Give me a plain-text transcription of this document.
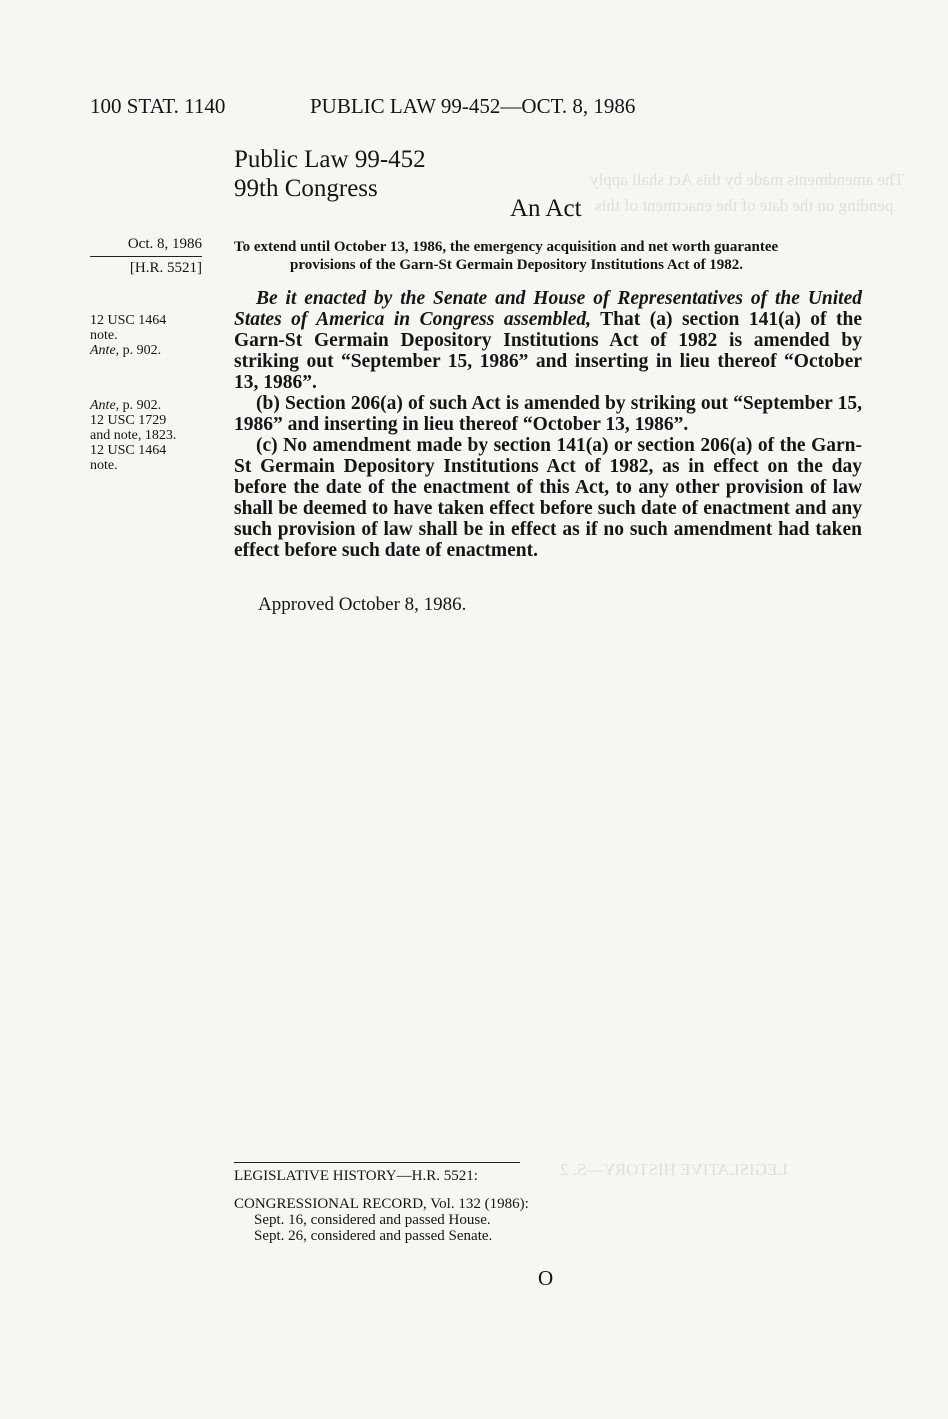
The amendments made by this Act shall apply
pending on the date of the enactment of this
LEGISLATIVE HISTORY—S. 2
100 STAT. 1140	PUBLIC LAW 99-452—OCT. 8, 1986
Public Law 99-452
99th Congress
An Act
Oct. 8, 1986
[H.R. 5521]
12 USC 1464
note.
Ante, p. 902.
Ante, p. 902.
12 USC 1729
and note, 1823.
12 USC 1464
note.
To extend until October 13, 1986, the emergency acquisition and net worth guarantee
provisions of the Garn-St Germain Depository Institutions Act of 1982.

Be it enacted by the Senate and House of Representatives of the United States of America in Congress assembled, That (a) section 141(a) of the Garn-St Germain Depository Institutions Act of 1982 is amended by striking out “September 15, 1986” and inserting in lieu thereof “October 13, 1986”.

(b) Section 206(a) of such Act is amended by striking out “September 15, 1986” and inserting in lieu thereof “October 13, 1986”.

(c) No amendment made by section 141(a) or section 206(a) of the Garn-St Germain Depository Institutions Act of 1982, as in effect on the day before the date of the enactment of this Act, to any other provision of law shall be deemed to have taken effect before such date of enactment and any such provision of law shall be in effect as if no such amendment had taken effect before such date of enactment.

Approved October 8, 1986.
LEGISLATIVE HISTORY—H.R. 5521:
CONGRESSIONAL RECORD, Vol. 132 (1986):
Sept. 16, considered and passed House.
Sept. 26, considered and passed Senate.
O
